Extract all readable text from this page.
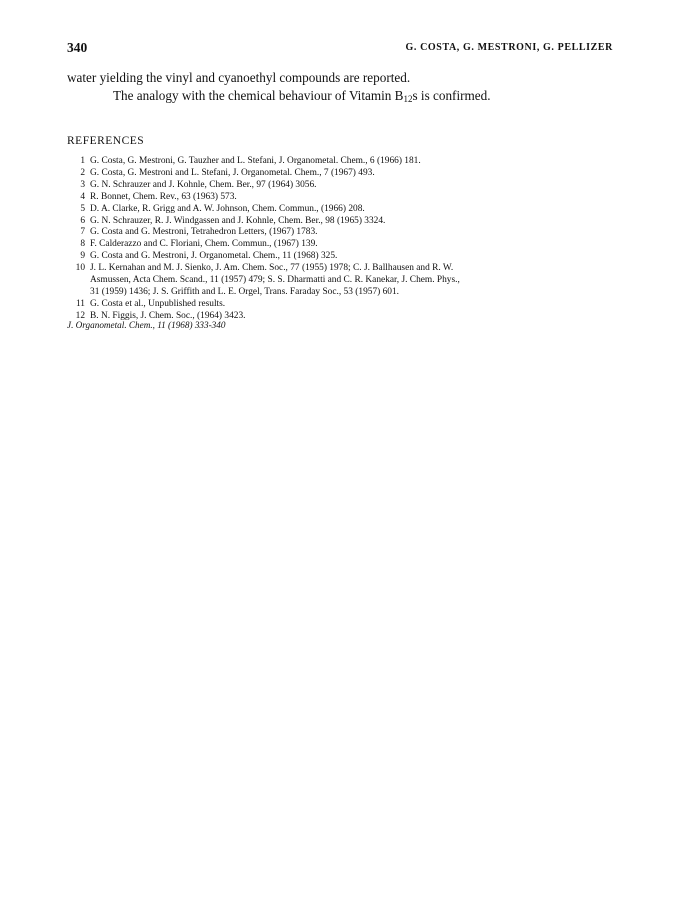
340	G. COSTA, G. MESTRONI, G. PELLIZER

water yielding the vinyl and cyanoethyl compounds are reported.

The analogy with the chemical behaviour of Vitamin $B_{12}s$ is confirmed.

REFERENCES
1 G. Costa, G. Mestroni, G. Tauzher and L. Stefani, J. Organometal. Chem., 6 (1966) 181.
2 G. Costa, G. Mestroni and L. Stefani, J. Organometal. Chem., 7 (1967) 493.
3 G. N. Schrauzer and J. Kohnle, Chem. Ber., 97 (1964) 3056.
4 R. Bonnet, Chem. Rev., 63 (1963) 573.
5 D. A. Clarke, R. Grigg and A. W. Johnson, Chem. Commun., (1966) 208.
6 G. N. Schrauzer, R. J. Windgassen and J. Kohnle, Chem. Ber., 98 (1965) 3324.
7 G. Costa and G. Mestroni, Tetrahedron Letters, (1967) 1783.
8 F. Calderazzo and C. Floriani, Chem. Commun., (1967) 139.
9 G. Costa and G. Mestroni, J. Organometal. Chem., 11 (1968) 325.
10 J. L. Kernahan and M. J. Sienko, J. Am. Chem. Soc., 77 (1955) 1978; C. J. Ballhausen and R. W.
Asmussen, Acta Chem. Scand., 11 (1957) 479; S. S. Dharmatti and C. R. Kanekar, J. Chem. Phys.,
31 (1959) 1436; J. S. Griffith and L. E. Orgel, Trans. Faraday Soc., 53 (1957) 601.
11 G. Costa et al., Unpublished results.
12 B. N. Figgis, J. Chem. Soc., (1964) 3423.
J. Organometal. Chem., 11 (1968) 333-340
